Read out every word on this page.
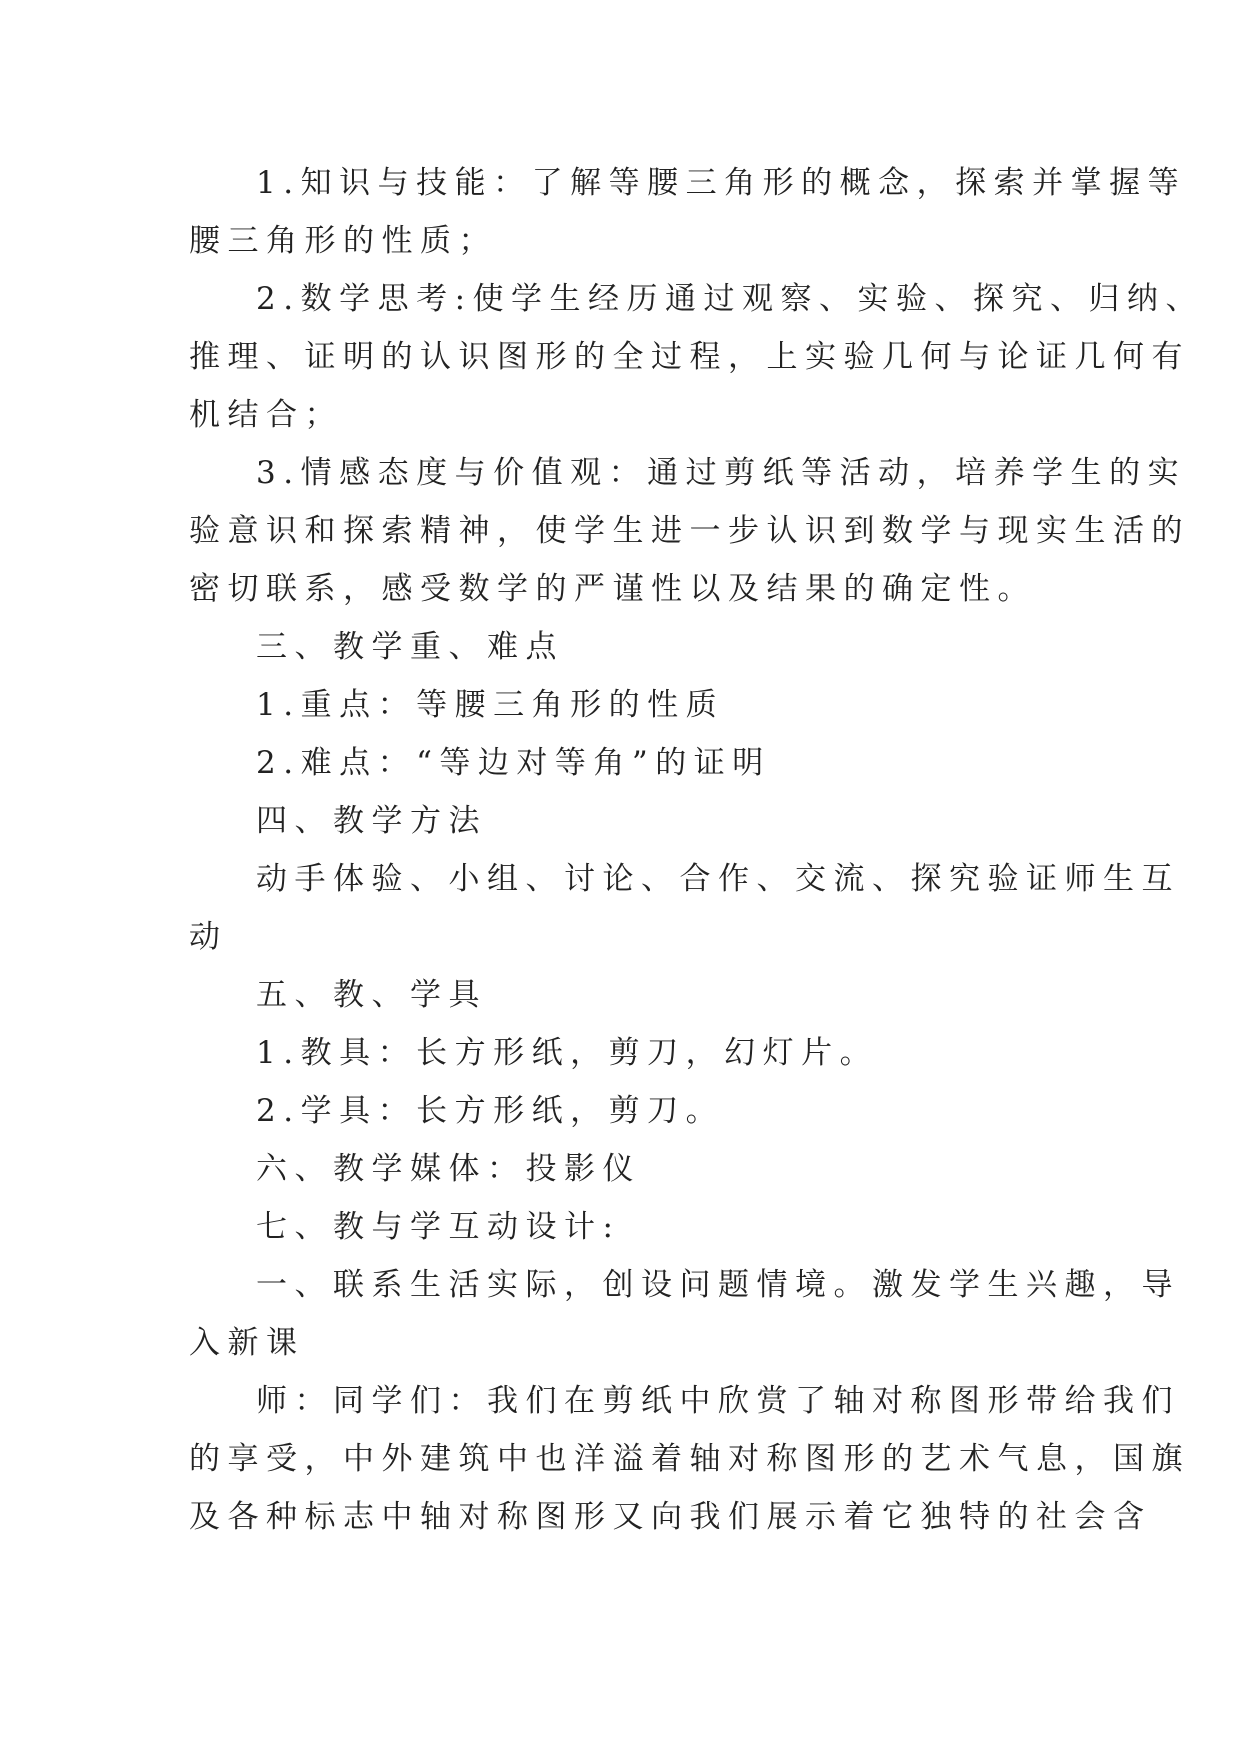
1.知识与技能：了解等腰三角形的概念，探索并掌握等
腰三角形的性质；
2.数学思考:使学生经历通过观察、实验、探究、归纳、
推理、证明的认识图形的全过程，上实验几何与论证几何有
机结合；
3.情感态度与价值观：通过剪纸等活动，培养学生的实
验意识和探索精神，使学生进一步认识到数学与现实生活的
密切联系，感受数学的严谨性以及结果的确定性。
三、教学重、难点
1.重点：等腰三角形的性质
2.难点：“等边对等角”的证明
四、教学方法
动手体验、小组、讨论、合作、交流、探究验证师生互
动
五、教、学具
1.教具：长方形纸，剪刀，幻灯片。
2.学具：长方形纸，剪刀。
六、教学媒体：投影仪
七、教与学互动设计:
一、联系生活实际，创设问题情境。激发学生兴趣，导
入新课
师：同学们：我们在剪纸中欣赏了轴对称图形带给我们
的享受，中外建筑中也洋溢着轴对称图形的艺术气息，国旗
及各种标志中轴对称图形又向我们展示着它独特的社会含
